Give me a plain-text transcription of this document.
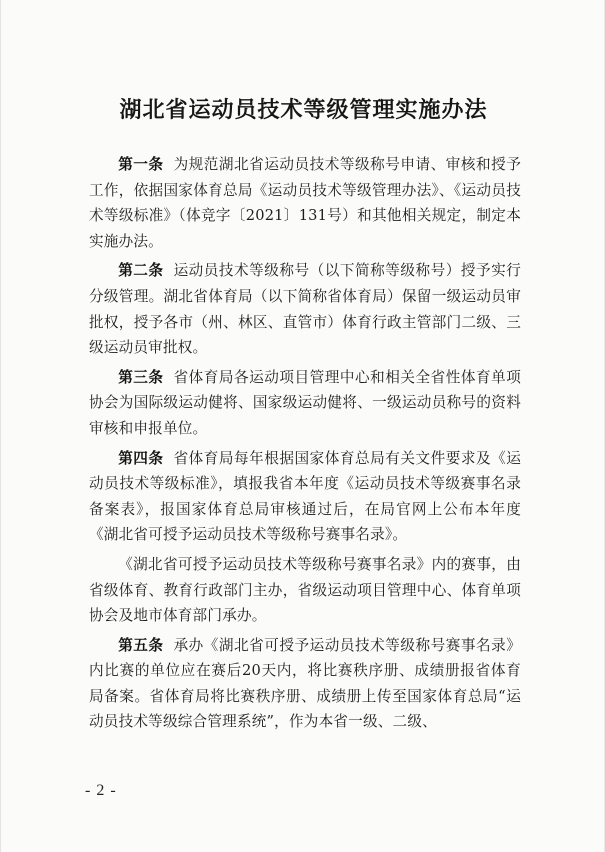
湖北省运动员技术等级管理实施办法

第一条 为规范湖北省运动员技术等级称号申请、审核和授予工作，依据国家体育总局《运动员技术等级管理办法》、《运动员技术等级标准》（体竞字〔2021〕131号）和其他相关规定，制定本实施办法。

第二条 运动员技术等级称号（以下简称等级称号）授予实行分级管理。湖北省体育局（以下简称省体育局）保留一级运动员审批权，授予各市（州、林区、直管市）体育行政主管部门二级、三级运动员审批权。

第三条 省体育局各运动项目管理中心和相关全省性体育单项协会为国际级运动健将、国家级运动健将、一级运动员称号的资料审核和申报单位。

第四条 省体育局每年根据国家体育总局有关文件要求及《运动员技术等级标准》，填报我省本年度《运动员技术等级赛事名录备案表》，报国家体育总局审核通过后，在局官网上公布本年度《湖北省可授予运动员技术等级称号赛事名录》。

《湖北省可授予运动员技术等级称号赛事名录》内的赛事，由省级体育、教育行政部门主办，省级运动项目管理中心、体育单项协会及地市体育部门承办。

第五条 承办《湖北省可授予运动员技术等级称号赛事名录》内比赛的单位应在赛后20天内，将比赛秩序册、成绩册报省体育局备案。省体育局将比赛秩序册、成绩册上传至国家体育总局“运动员技术等级综合管理系统”，作为本省一级、二级、

- 2 -
